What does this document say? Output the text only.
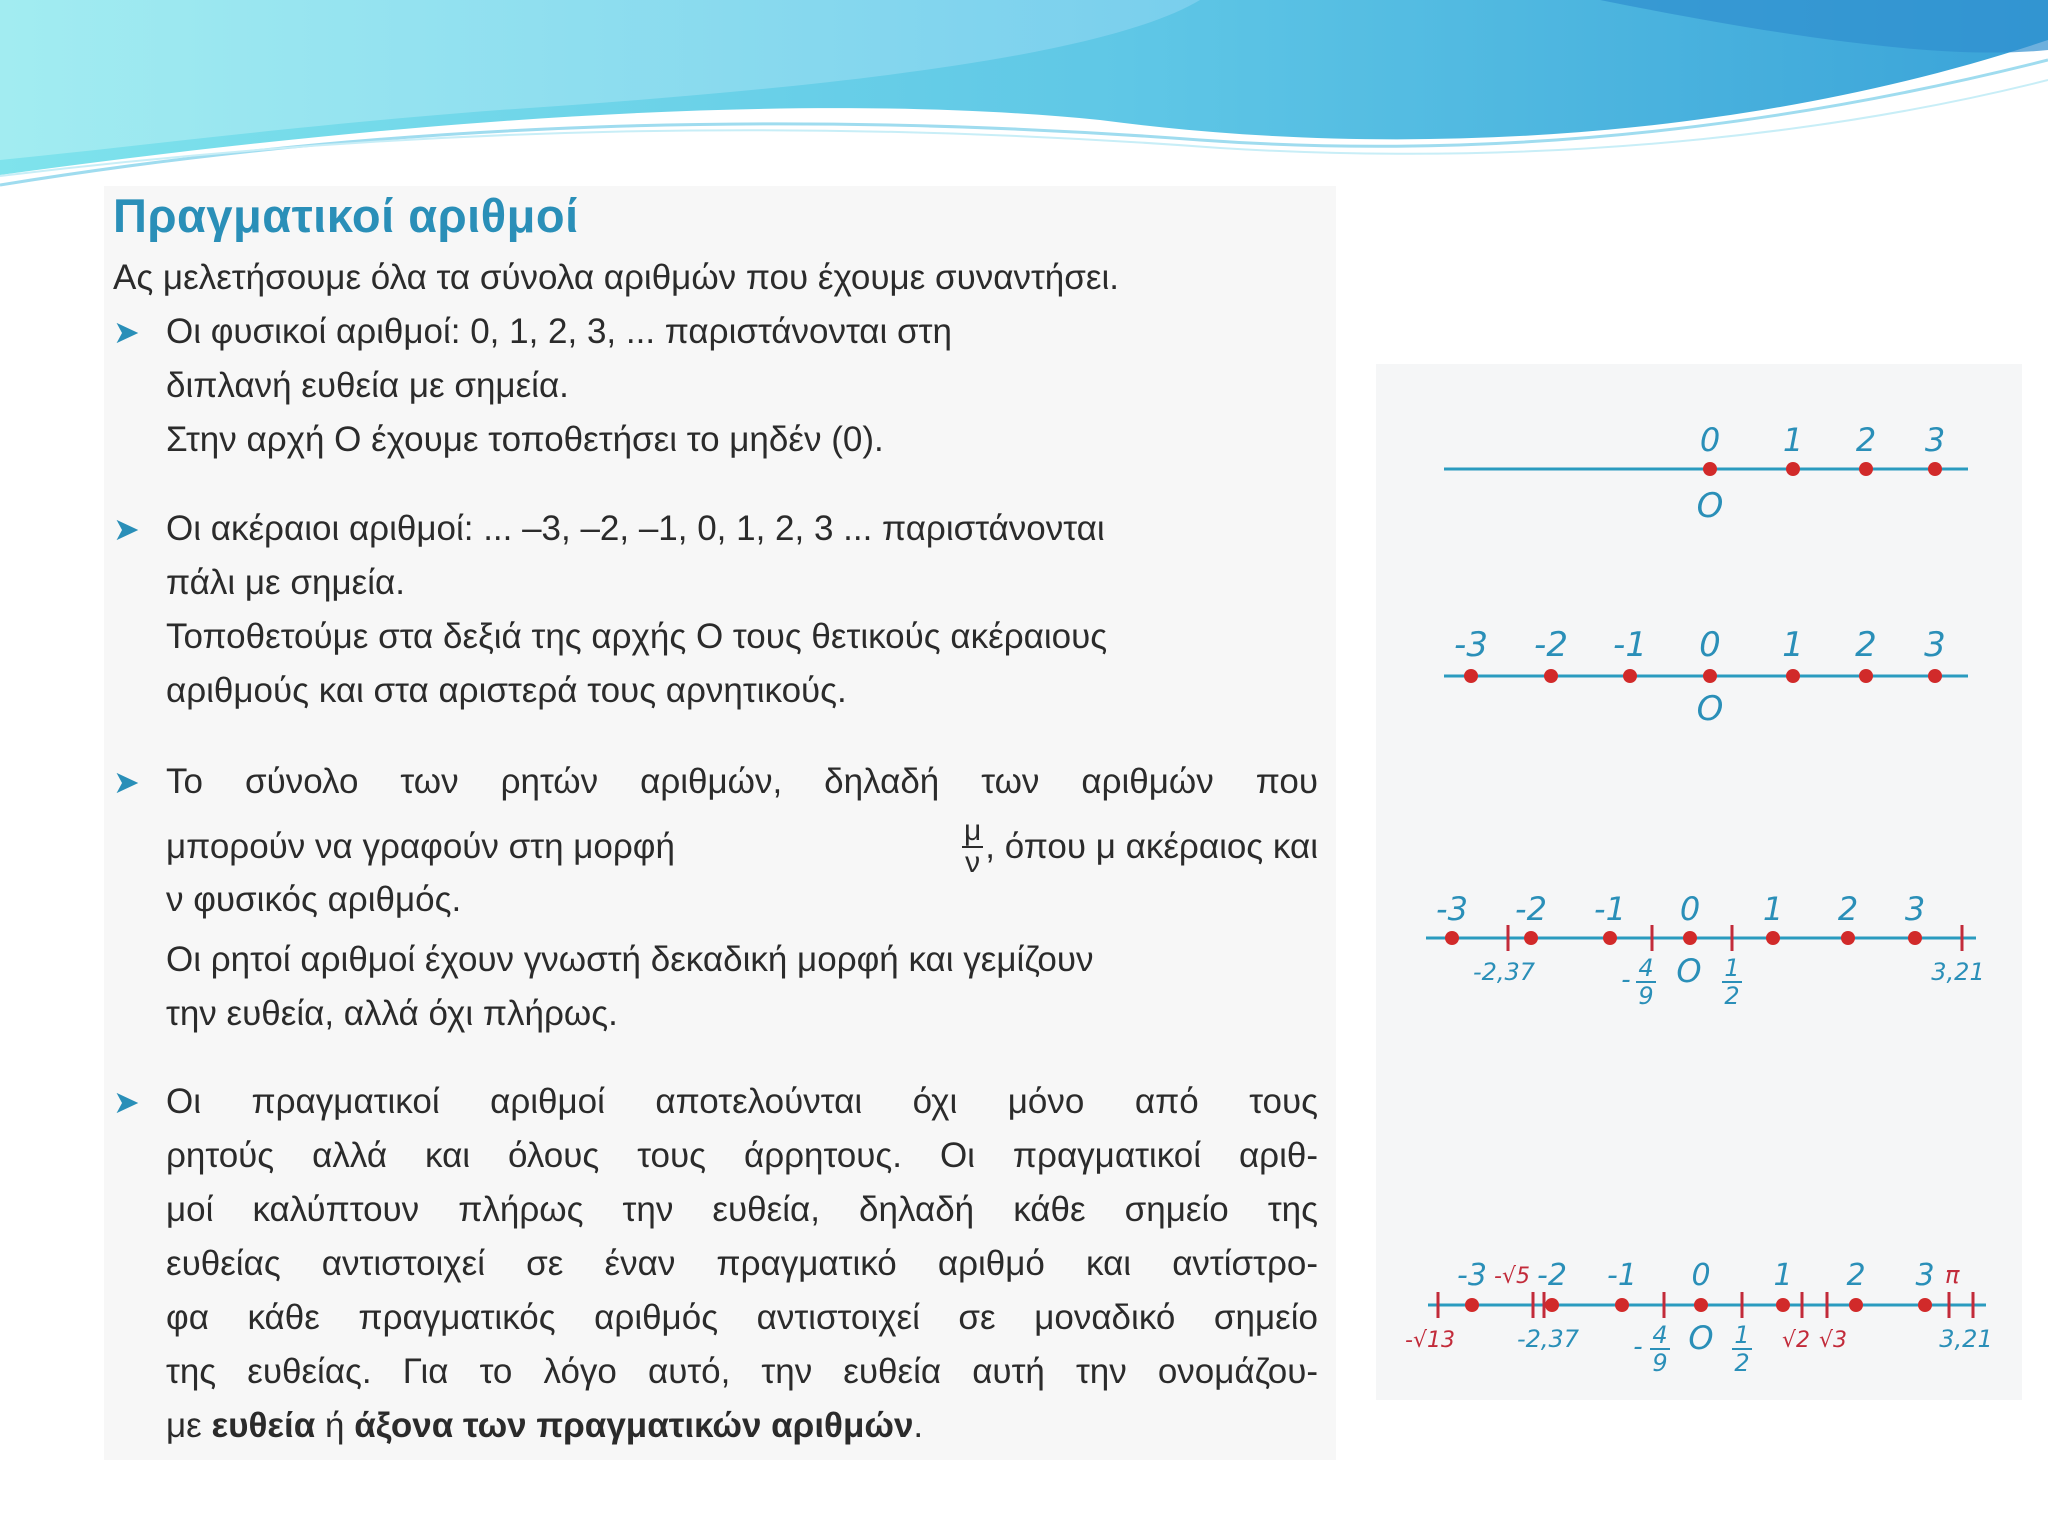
Πραγματικοί αριθμοί
Ας μελετήσουμε όλα τα σύνολα αριθμών που έχουμε συναντήσει.
➤ Οι φυσικοί αριθμοί: 0, 1, 2, 3, ... παριστάνονται στη
διπλανή ευθεία με σημεία.
Στην αρχή Ο έχουμε τοποθετήσει το μηδέν (0).
➤ Οι ακέραιοι αριθμοί: ... –3, –2, –1, 0, 1, 2, 3 ... παριστάνονται
πάλι με σημεία.
Τοποθετούμε στα δεξιά της αρχής Ο τους θετικούς ακέραιους
αριθμούς και στα αριστερά τους αρνητικούς.
➤ Το σύνολο των ρητών αριθμών, δηλαδή των αριθμών που
μπορούν να γραφούν στη μορφή	$\frac{\mu}{\nu}$ , όπου μ ακέραιος και
ν φυσικός αριθμός.
Οι ρητοί αριθμοί έχουν γνωστή δεκαδική μορφή και γεμίζουν
την ευθεία, αλλά όχι πλήρως.
➤ Οι πραγματικοί αριθμοί αποτελούνται όχι μόνο από τους
ρητούς αλλά και όλους τους άρρητους. Οι πραγματικοί αριθ-
μοί καλύπτουν πλήρως την ευθεία, δηλαδή κάθε σημείο της
ευθείας αντιστοιχεί σε έναν πραγματικό αριθμό και αντίστρο-
φα κάθε πραγματικός αριθμός αντιστοιχεί σε μοναδικό σημείο
της ευθείας. Για το λόγο αυτό, την ευθεία αυτή την ονομάζου-
με ευθεία ή άξονα των πραγματικών αριθμών.
0 1 2 3
O
-3 -2 -1 0 1 2 3
O
-3 -2 -1 0 1 2 3
-2,37	- 4
9
O 1
2
3,21
-3 -2 -1 0 1 2 3
-√5	π
-√13	-2,37 - 4
9
O 1
2
√2 √3	3,21
